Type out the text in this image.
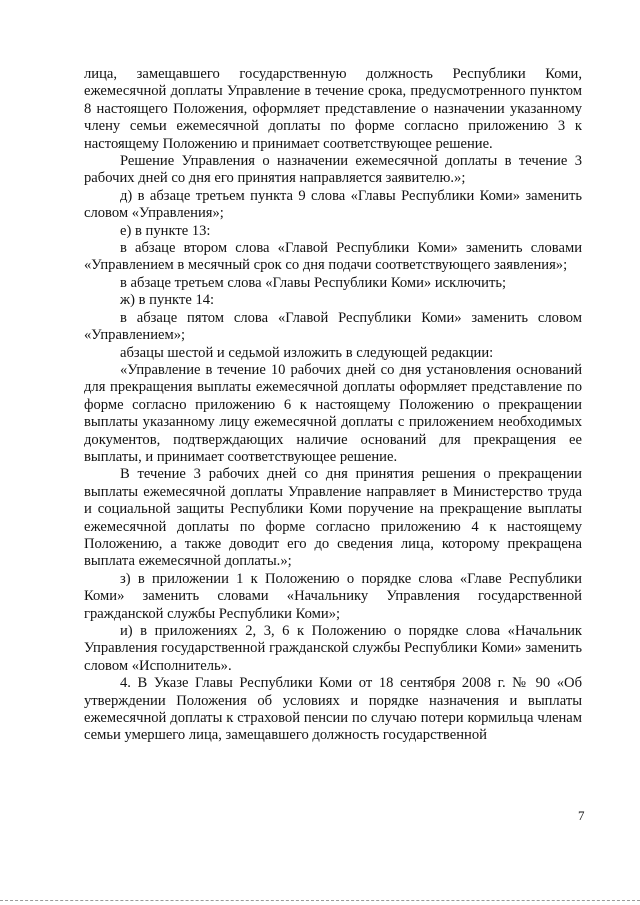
лица, замещавшего государственную должность Республики Коми, ежемесячной доплаты Управление в течение срока, предусмотренного пунктом 8 настоящего Положения, оформляет представление о назначении указанному члену семьи ежемесячной доплаты по форме согласно приложению 3 к настоящему Положению и принимает соответствующее решение.

Решение Управления о назначении ежемесячной доплаты в течение 3 рабочих дней со дня его принятия направляется заявителю.»;

д) в абзаце третьем пункта 9 слова «Главы Республики Коми» заменить словом «Управления»;

е) в пункте 13:

в абзаце втором слова «Главой Республики Коми» заменить словами «Управлением в месячный срок со дня подачи соответствующего заявления»;

в абзаце третьем слова «Главы Республики Коми» исключить;

ж) в пункте 14:

в абзаце пятом слова «Главой Республики Коми» заменить словом «Управлением»;

абзацы шестой и седьмой изложить в следующей редакции:

«Управление в течение 10 рабочих дней со дня установления оснований для прекращения выплаты ежемесячной доплаты оформляет представление по форме согласно приложению 6 к настоящему Положению о прекращении выплаты указанному лицу ежемесячной доплаты с приложением необходимых документов, подтверждающих наличие оснований для прекращения ее выплаты, и принимает соответствующее решение.

В течение 3 рабочих дней со дня принятия решения о прекращении выплаты ежемесячной доплаты Управление направляет в Министерство труда и социальной защиты Республики Коми поручение на прекращение выплаты ежемесячной доплаты по форме согласно приложению 4 к настоящему Положению, а также доводит его до сведения лица, которому прекращена выплата ежемесячной доплаты.»;

з) в приложении 1 к Положению о порядке слова «Главе Республики Коми» заменить словами «Начальнику Управления государственной гражданской службы Республики Коми»;

и) в приложениях 2, 3, 6 к Положению о порядке слова «Начальник Управления государственной гражданской службы Республики Коми» заменить словом «Исполнитель».

4. В Указе Главы Республики Коми от 18 сентября 2008 г. № 90 «Об утверждении Положения об условиях и порядке назначения и выплаты ежемесячной доплаты к страховой пенсии по случаю потери кормильца членам семьи умершего лица, замещавшего должность государственной

7
